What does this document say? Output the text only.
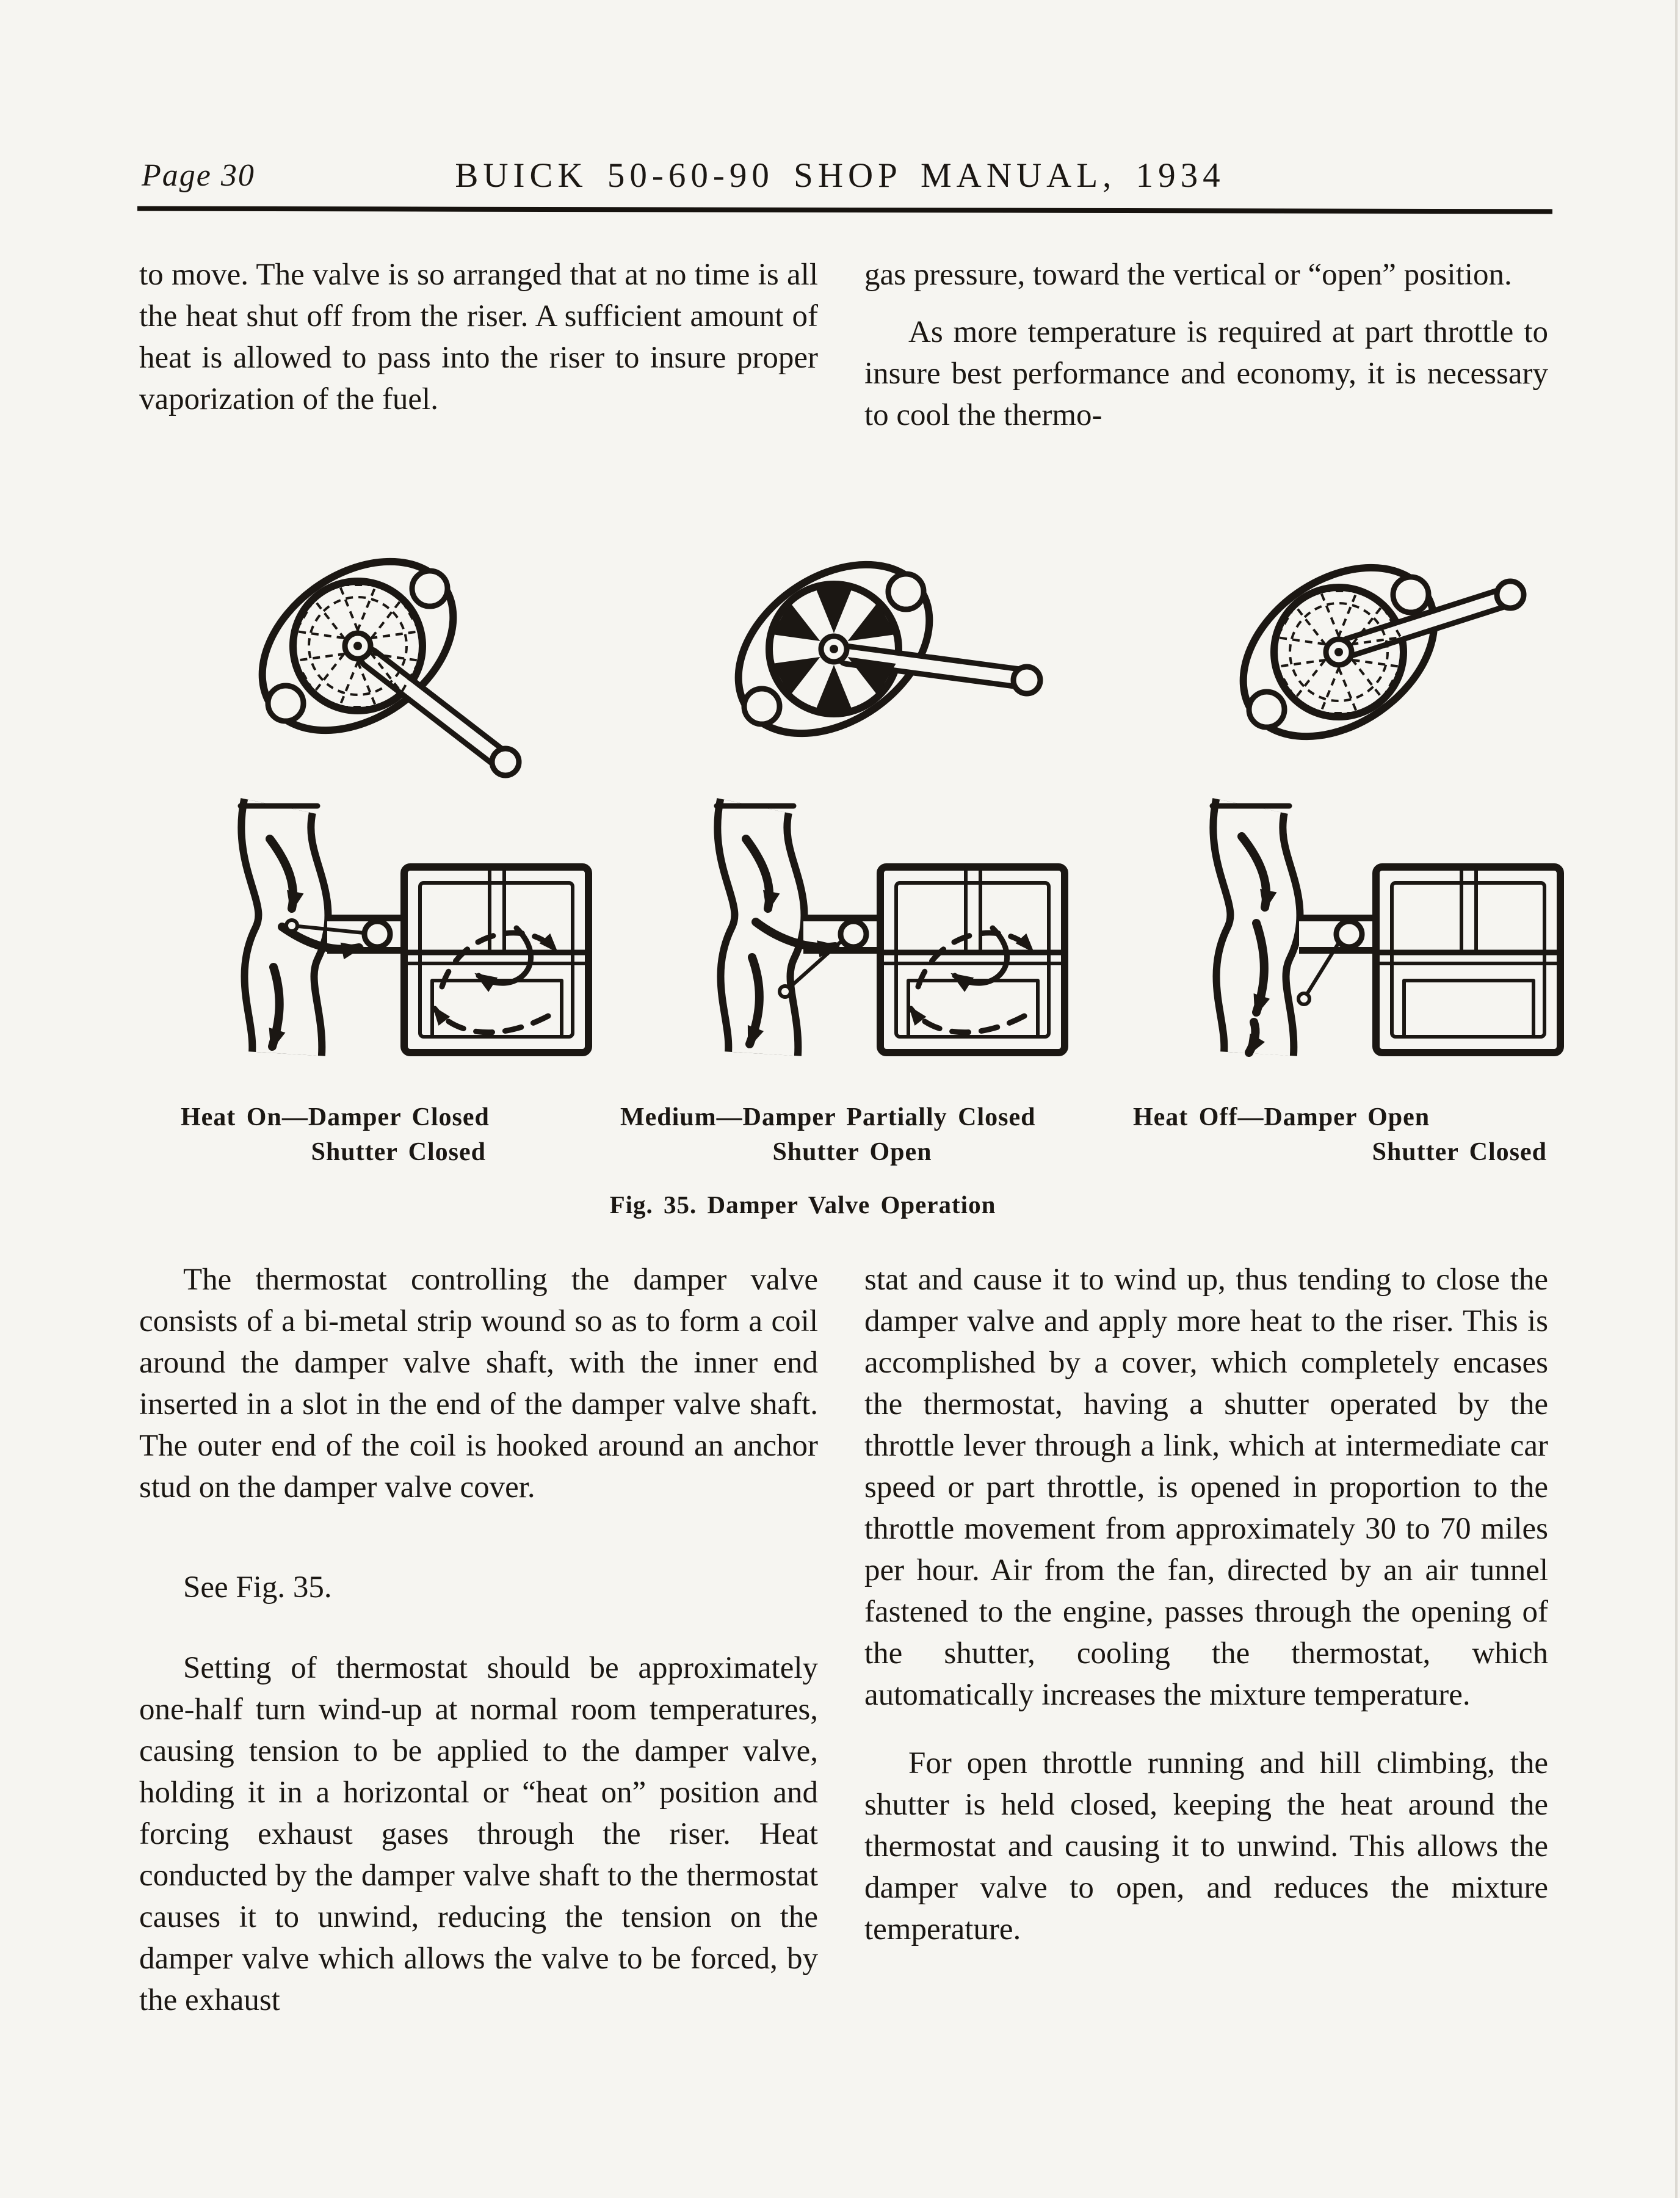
Page 30	BUICK 50-60-90 SHOP MANUAL, 1934

to move. The valve is so arranged that at no time is all the heat shut off from the riser. A sufficient amount of heat is allowed to pass into the riser to insure proper vaporization of the fuel.

gas pressure, toward the vertical or “open” position.

As more temperature is required at part throttle to insure best performance and economy, it is necessary to cool the thermo-

Heat On—Damper Closed
Shutter Closed
Medium—Damper Partially Closed
Shutter Open
Heat Off—Damper Open
Shutter Closed
Fig. 35. Damper Valve Operation

The thermostat controlling the damper valve consists of a bi-metal strip wound so as to form a coil around the damper valve shaft, with the inner end inserted in a slot in the end of the damper valve shaft. The outer end of the coil is hooked around an anchor stud on the damper valve cover.

See Fig. 35.

Setting of thermostat should be approximately one-half turn wind-up at normal room temperatures, causing tension to be applied to the damper valve, holding it in a horizontal or “heat on” position and forcing exhaust gases through the riser. Heat conducted by the damper valve shaft to the thermostat causes it to unwind, reducing the tension on the damper valve which allows the valve to be forced, by the exhaust

stat and cause it to wind up, thus tending to close the damper valve and apply more heat to the riser. This is accomplished by a cover, which completely encases the thermostat, having a shutter operated by the throttle lever through a link, which at intermediate car speed or part throttle, is opened in proportion to the throttle movement from approximately 30 to 70 miles per hour. Air from the fan, directed by an air tunnel fastened to the engine, passes through the opening of the shutter, cooling the thermostat, which automatically increases the mixture temperature.

For open throttle running and hill climbing, the shutter is held closed, keeping the heat around the thermostat and causing it to unwind. This allows the damper valve to open, and reduces the mixture temperature.
